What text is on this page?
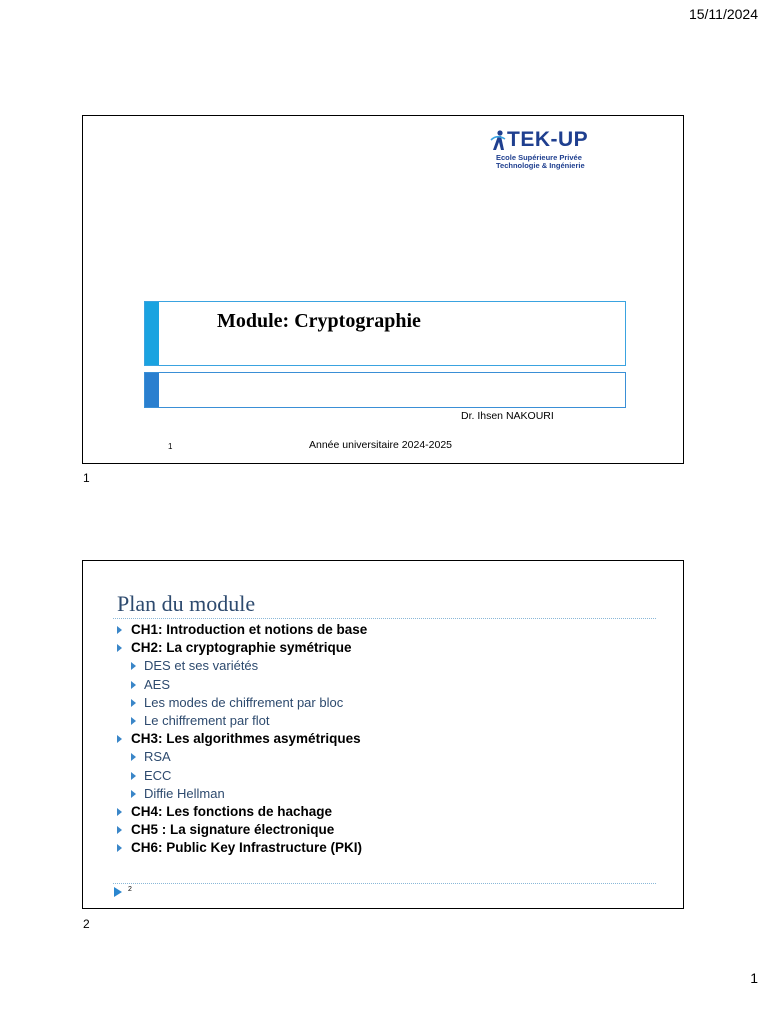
15/11/2024
TEK-UP
Ecole Supérieure Privée
Technologie & Ingénierie
Module: Cryptographie
Dr. Ihsen NAKOURI
1	Année universitaire 2024-2025
1
Plan du module
CH1: Introduction et notions de base
CH2: La cryptographie symétrique
DES et ses variétés
AES
Les modes de chiffrement par bloc
Le chiffrement par flot
CH3: Les algorithmes asymétriques
RSA
ECC
Diffie Hellman
CH4: Les fonctions de hachage
CH5 : La signature électronique
CH6: Public Key Infrastructure (PKI)
2
2
1
